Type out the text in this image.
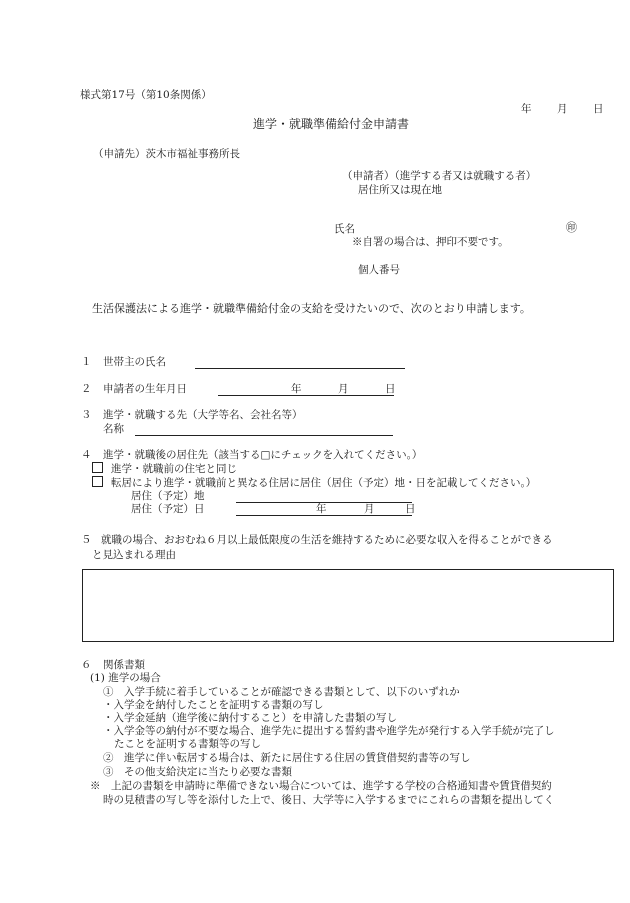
様式第17号（第10条関係）
年 月 日
進学・就職準備給付金申請書
（申請先）茨木市福祉事務所長
（申請者）（進学する者又は就職する者）
居住所又は現在地
氏名	㊞
※自署の場合は、押印不要です。
個人番号
生活保護法による進学・就職準備給付金の支給を受けたいので、次のとおり申請します。
１ 世帯主の氏名
２ 申請者の生年月日	年	月	日
３ 進学・就職する先（大学等名、会社名等）
名称
４ 進学・就職後の居住先（該当する□にチェックを入れてください。）
進学・就職前の住宅と同じ
転居により進学・就職前と異なる住居に居住（居住（予定）地・日を記載してください。）
居住（予定）地
居住（予定）日	年	月	日
５ 就職の場合、おおむね６月以上最低限度の生活を維持するために必要な収入を得ることができる
と見込まれる理由
６ 関係書類
(1) 進学の場合
①　入学手続に着手していることが確認できる書類として、以下のいずれか
・入学金を納付したことを証明する書類の写し
・入学金延納（進学後に納付すること）を申請した書類の写し
・入学金等の納付が不要な場合、進学先に提出する誓約書や進学先が発行する入学手続が完了し
たことを証明する書類等の写し
②　進学に伴い転居する場合は、新たに居住する住居の賃貸借契約書等の写し
③　その他支給決定に当たり必要な書類
※　上記の書類を申請時に準備できない場合については、進学する学校の合格通知書や賃貸借契約
時の見積書の写し等を添付した上で、後日、大学等に入学するまでにこれらの書類を提出してく
